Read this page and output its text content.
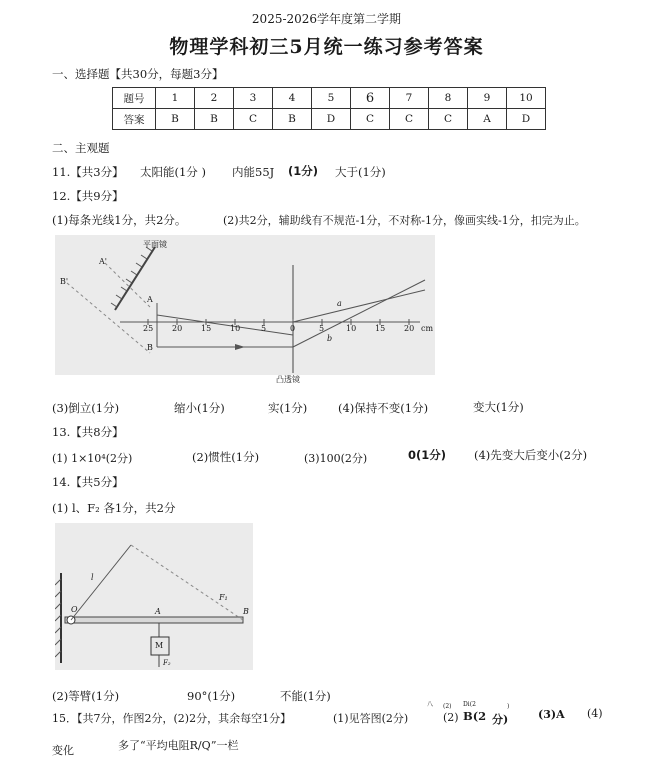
2025-2026学年度第二学期
物理学科初三5月统一练习参考答案
一、选择题【共30分，每题3分】
题号	1	2	3	4	5	6	7	8	9	10
答案	B	B	C	B	D	C	C	C	A	D
二、主观题
11.【共3分】 太阳能(1分 ) 内能55J (1分) 大于(1分)
12.【共9分】
(1)每条光线1分，共2分。	(2)共2分，辅助线有不规范-1分，不对称-1分，像画实线-1分，扣完为止。
平面镜
A'
B'
A
B
25 20 15 10	5	0	5	10 15 20 cm
a
b
凸透镜
(3)倒立(1分)	缩小(1分)	实(1分)	(4)保持不变(1分)	变大(1分)
13.【共8分】
(1) 1×10⁴(2分)	(2)惯性(1分)	(3)100(2分)	0(1分) (4)先变大后变小(2分)
14.【共5分】
(1) l、F₂ 各1分，共2分
l
F₁
O	A	B
M
F₂
(2)等臂(1分)	90°(1分)	不能(1分)
15．【共7分，作图2分，(2)2分，其余每空1分】	(1)见答图(2分)
八 (2) Di(2
(2) B(2 分)
)
(3)A (4)
变化	多了“平均电阻R/Q”一栏
